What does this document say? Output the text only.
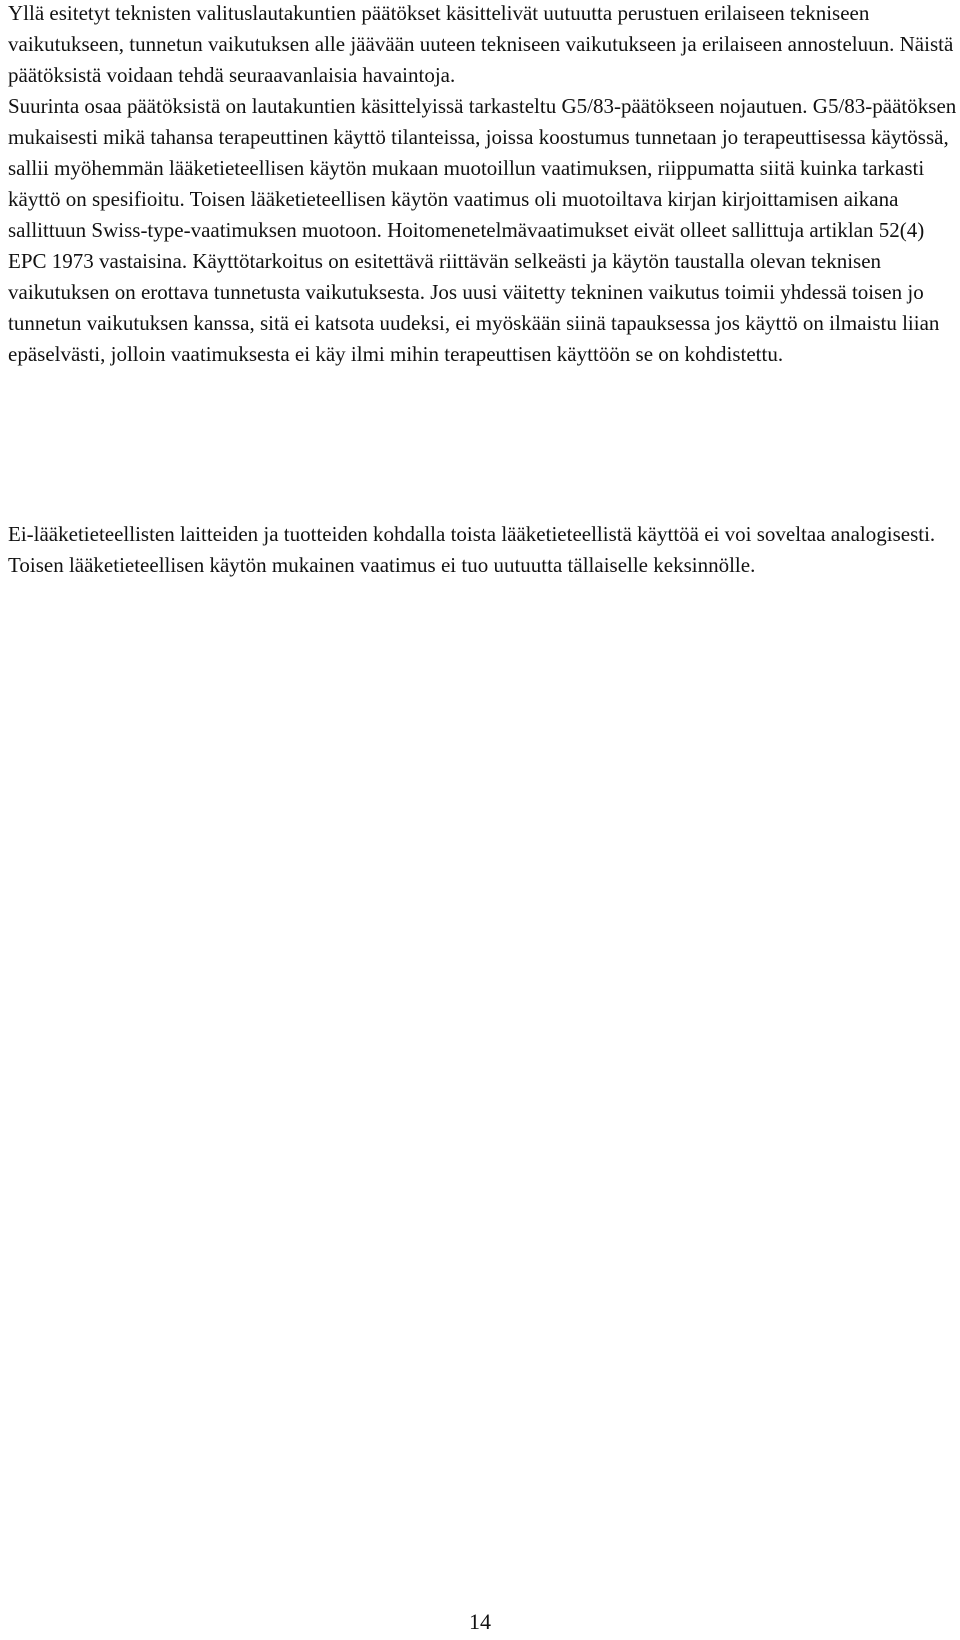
Yllä esitetyt teknisten valituslautakuntien päätökset käsittelivät uutuutta perustuen erilaiseen tekniseen vaikutukseen, tunnetun vaikutuksen alle jäävään uuteen tekniseen vaikutukseen ja erilaiseen annosteluun. Näistä päätöksistä voidaan tehdä seuraavanlaisia havaintoja.

Suurinta osaa päätöksistä on lautakuntien käsittelyissä tarkasteltu G5/83-päätökseen nojautuen. G5/83-päätöksen mukaisesti mikä tahansa terapeuttinen käyttö tilanteissa, joissa koostumus tunnetaan jo terapeuttisessa käytössä, sallii myöhemmän lääketieteellisen käytön mukaan muotoillun vaatimuksen, riippumatta siitä kuinka tarkasti käyttö on spesifioitu. Toisen lääketieteellisen käytön vaatimus oli muotoiltava kirjan kirjoittamisen aikana sallittuun Swiss-type-vaatimuksen muotoon. Hoitomenetelmävaatimukset eivät olleet sallittuja artiklan 52(4) EPC 1973 vastaisina. Käyttötarkoitus on esitettävä riittävän selkeästi ja käytön taustalla olevan teknisen vaikutuksen on erottava tunnetusta vaikutuksesta. Jos uusi väitetty tekninen vaikutus toimii yhdessä toisen jo tunnetun vaikutuksen kanssa, sitä ei katsota uudeksi, ei myöskään siinä tapauksessa jos käyttö on ilmaistu liian epäselvästi, jolloin vaatimuksesta ei käy ilmi mihin terapeuttisen käyttöön se on kohdistettu.

Ei-lääketieteellisten laitteiden ja tuotteiden kohdalla toista lääketieteellistä käyttöä ei voi soveltaa analogisesti. Toisen lääketieteellisen käytön mukainen vaatimus ei tuo uutuutta tällaiselle keksinnölle.

14
